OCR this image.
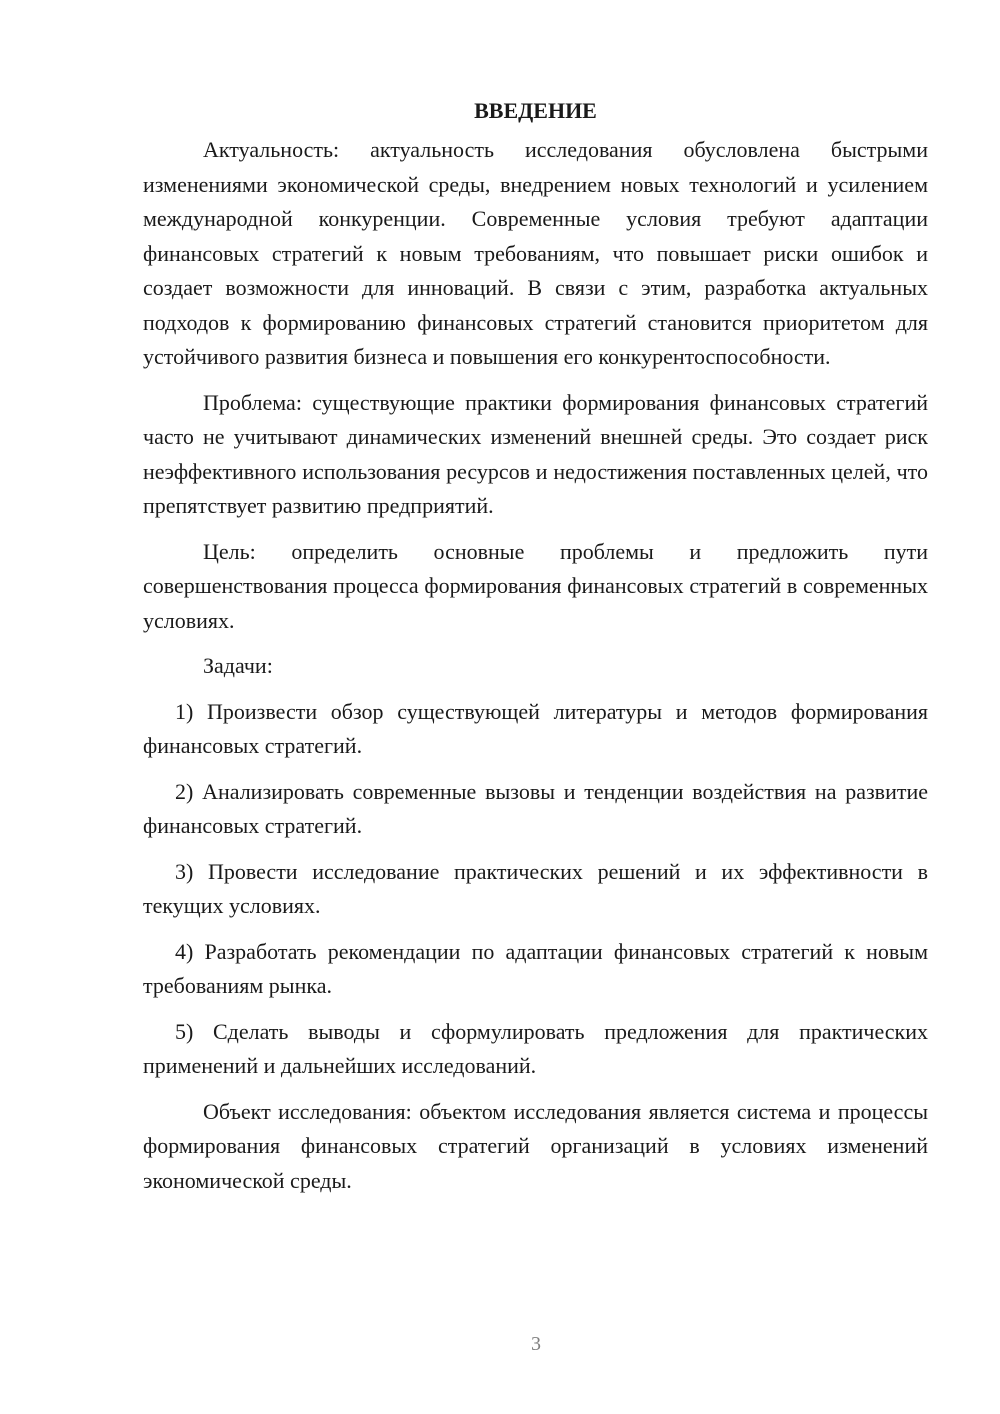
ВВЕДЕНИЕ

Актуальность: актуальность исследования обусловлена быстрыми изменениями экономической среды, внедрением новых технологий и усилением международной конкуренции. Современные условия требуют адаптации финансовых стратегий к новым требованиям, что повышает риски ошибок и создает возможности для инноваций. В связи с этим, разработка актуальных подходов к формированию финансовых стратегий становится приоритетом для устойчивого развития бизнеса и повышения его конкурентоспособности.

Проблема: существующие практики формирования финансовых стратегий часто не учитывают динамических изменений внешней среды. Это создает риск неэффективного использования ресурсов и недостижения поставленных целей, что препятствует развитию предприятий.

Цель: определить основные проблемы и предложить пути совершенствования процесса формирования финансовых стратегий в современных условиях.

Задачи:

1) Произвести обзор существующей литературы и методов формирования финансовых стратегий.

2) Анализировать современные вызовы и тенденции воздействия на развитие финансовых стратегий.

3) Провести исследование практических решений и их эффективности в текущих условиях.

4) Разработать рекомендации по адаптации финансовых стратегий к новым требованиям рынка.

5) Сделать выводы и сформулировать предложения для практических применений и дальнейших исследований.

Объект исследования: объектом исследования является система и процессы формирования финансовых стратегий организаций в условиях изменений экономической среды.

3
